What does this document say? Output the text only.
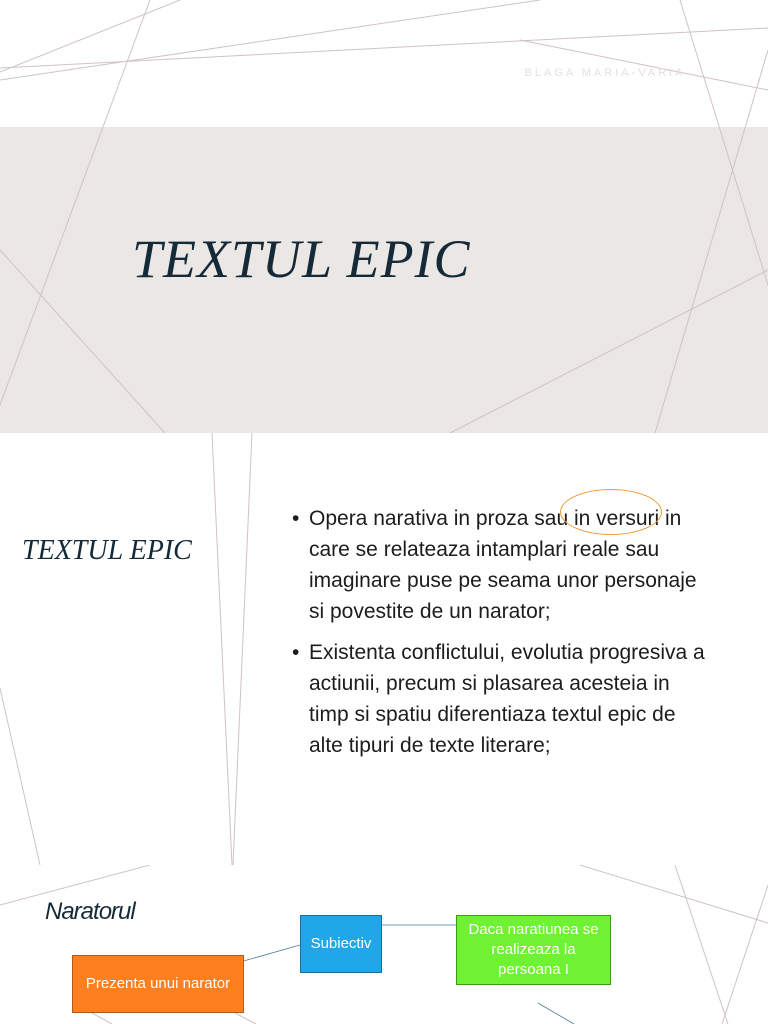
BLAGA MARIA-VARIA
TEXTUL EPIC
TEXTUL EPIC
• Opera narativa in proza sau in versuri in care se relateaza intamplari reale sau imaginare puse pe seama unor personaje si povestite de un narator;
• Existenta conflictului, evolutia progresiva a actiunii, precum si plasarea acesteia in timp si spatiu diferentiaza textul epic de alte tipuri de texte literare;
Naratorul
Prezenta unui narator
Subiectiv
Daca naratiunea se realizeaza la persoana I
